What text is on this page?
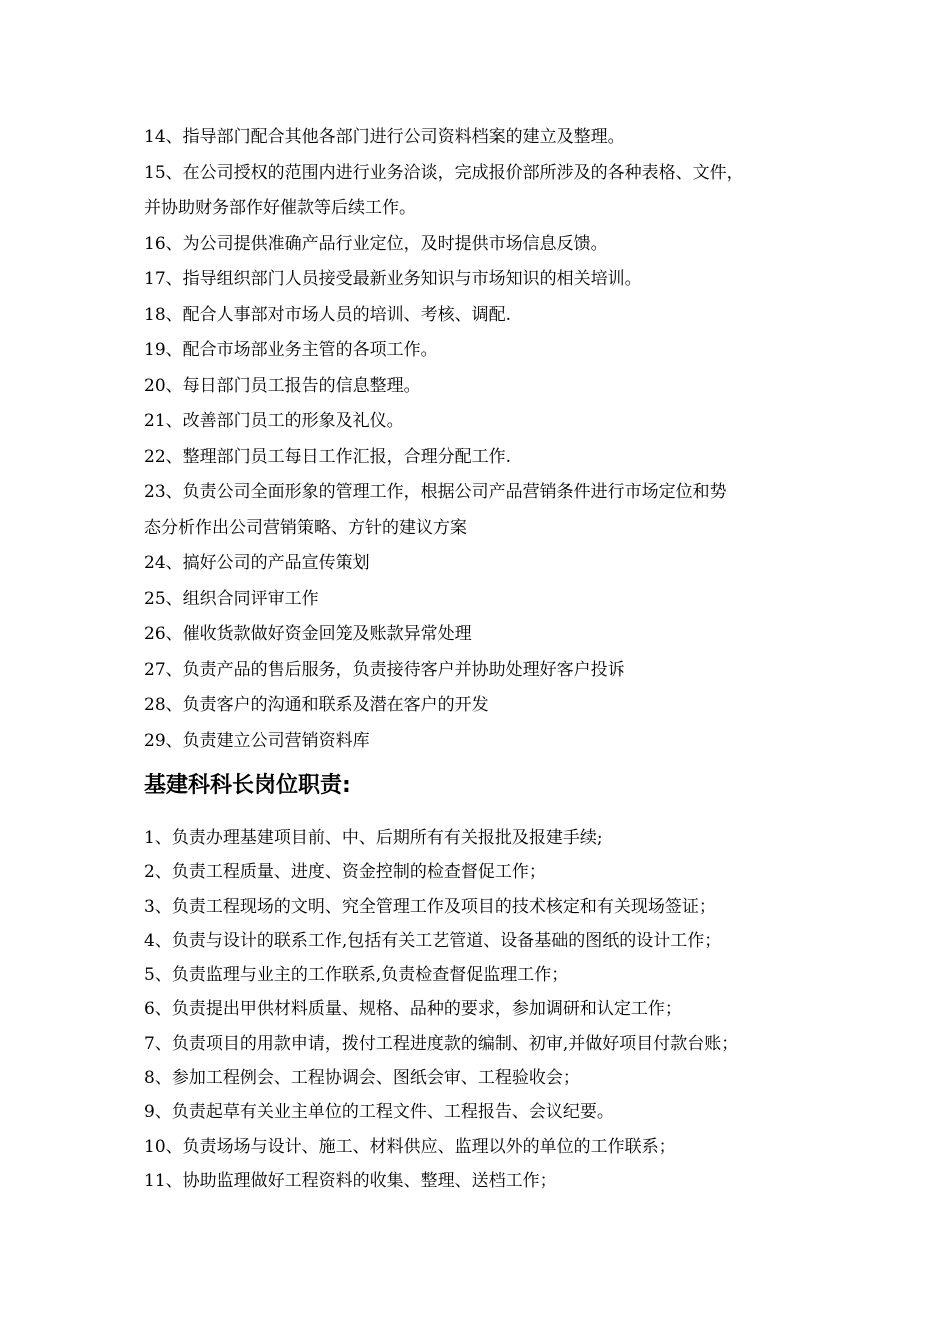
14、指导部门配合其他各部门进行公司资料档案的建立及整理。
15、在公司授权的范围内进行业务洽谈，完成报价部所涉及的各种表格、文件，
并协助财务部作好催款等后续工作。
16、为公司提供准确产品行业定位，及时提供市场信息反馈。
17、指导组织部门人员接受最新业务知识与市场知识的相关培训。
18、配合人事部对市场人员的培训、考核、调配.
19、配合市场部业务主管的各项工作。
20、每日部门员工报告的信息整理。
21、改善部门员工的形象及礼仪。
22、整理部门员工每日工作汇报，合理分配工作.
23、负责公司全面形象的管理工作，根据公司产品营销条件进行市场定位和势
态分析作出公司营销策略、方针的建议方案
24、搞好公司的产品宣传策划
25、组织合同评审工作
26、催收货款做好资金回笼及账款异常处理
27、负责产品的售后服务，负责接待客户并协助处理好客户投诉
28、负责客户的沟通和联系及潜在客户的开发
29、负责建立公司营销资料库
基建科科长岗位职责:
1、负责办理基建项目前、中、后期所有有关报批及报建手续;
2、负责工程质量、进度、资金控制的检查督促工作；
3、负责工程现场的文明、究全管理工作及项目的技术核定和有关现场签证；
4、负责与设计的联系工作,包括有关工艺管道、设备基础的图纸的设计工作；
5、负责监理与业主的工作联系,负责检查督促监理工作；
6、负责提出甲供材料质量、规格、品种的要求，参加调研和认定工作；
7、负责项目的用款申请，拨付工程进度款的编制、初审,并做好项目付款台账；
8、参加工程例会、工程协调会、图纸会审、工程验收会；
9、负责起草有关业主单位的工程文件、工程报告、会议纪要。
10、负责场场与设计、施工、材料供应、监理以外的单位的工作联系；
11、协助监理做好工程资料的收集、整理、送档工作；
